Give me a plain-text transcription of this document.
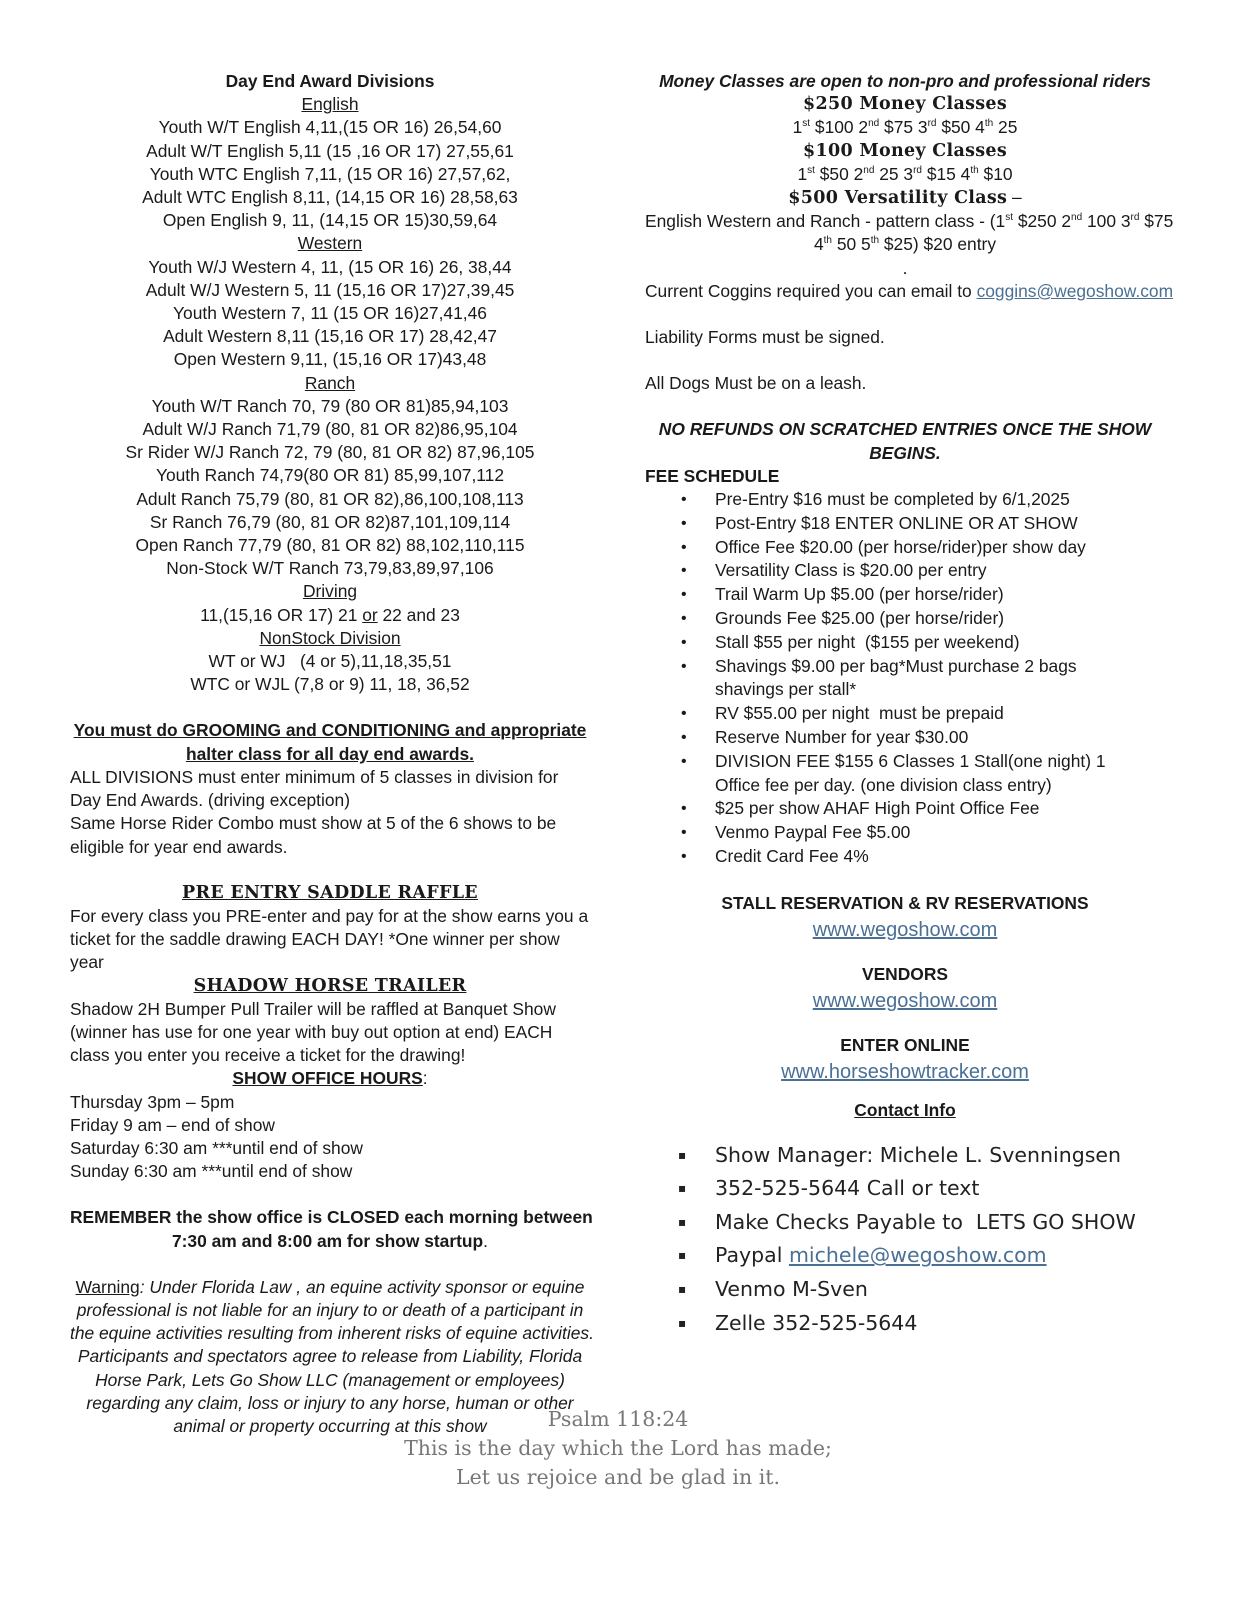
Day End Award Divisions
English
Youth W/T English 4,11,(15 OR 16) 26,54,60
Adult W/T English 5,11 (15 ,16 OR 17) 27,55,61
Youth WTC English 7,11, (15 OR 16) 27,57,62,
Adult WTC English 8,11, (14,15 OR 16) 28,58,63
Open English 9, 11, (14,15 OR 15)30,59,64
Western
Youth W/J Western 4, 11, (15 OR 16) 26, 38,44
Adult W/J Western 5, 11 (15,16 OR 17)27,39,45
Youth Western 7, 11 (15 OR 16)27,41,46
Adult Western 8,11 (15,16 OR 17) 28,42,47
Open Western 9,11, (15,16 OR 17)43,48
Ranch
Youth W/T Ranch 70, 79 (80 OR 81)85,94,103
Adult W/J Ranch 71,79 (80, 81 OR 82)86,95,104
Sr Rider W/J Ranch 72, 79 (80, 81 OR 82) 87,96,105
Youth Ranch 74,79(80 OR 81) 85,99,107,112
Adult Ranch 75,79 (80, 81 OR 82),86,100,108,113
Sr Ranch 76,79 (80, 81 OR 82)87,101,109,114
Open Ranch 77,79 (80, 81 OR 82) 88,102,110,115
Non-Stock W/T Ranch 73,79,83,89,97,106
Driving
11,(15,16 OR 17) 21 or 22 and 23
NonStock Division
WT or WJ   (4 or 5),11,18,35,51
WTC or WJL (7,8 or 9) 11, 18, 36,52
You must do GROOMING and CONDITIONING and appropriate
halter class for all day end awards.
ALL DIVISIONS must enter minimum of 5 classes in division for Day End Awards. (driving exception)
Same Horse Rider Combo must show at 5 of the 6 shows to be eligible for year end awards.
PRE ENTRY SADDLE RAFFLE
For every class you PRE-enter and pay for at the show earns you a ticket for the saddle drawing EACH DAY! *One winner per show year
SHADOW HORSE TRAILER
Shadow 2H Bumper Pull Trailer will be raffled at Banquet Show (winner has use for one year with buy out option at end) EACH class you enter you receive a ticket for the drawing!
SHOW OFFICE HOURS:
Thursday 3pm – 5pm
Friday 9 am – end of show
Saturday 6:30 am ***until end of show
Sunday 6:30 am ***until end of show
REMEMBER the show office is CLOSED each morning between
7:30 am and 8:00 am for show startup.
Warning: Under Florida Law , an equine activity sponsor or equine
professional is not liable for an injury to or death of a participant in
the equine activities resulting from inherent risks of equine activities.
Participants and spectators agree to release from Liability, Florida
Horse Park, Lets Go Show LLC (management or employees)
regarding any claim, loss or injury to any horse, human or other
animal or property occurring at this show
Money Classes are open to non-pro and professional riders
$250 Money Classes
1st $100 2nd $75 3rd $50 4th 25
$100 Money Classes
1st $50 2nd 25 3rd $15 4th $10
$500 Versatility Class –
English Western and Ranch - pattern class - (1st $250 2nd 100 3rd $75
4th 50 5th $25) $20 entry
.
Current Coggins required you can email to coggins@wegoshow.com
Liability Forms must be signed.
All Dogs Must be on a leash.
NO REFUNDS ON SCRATCHED ENTRIES ONCE THE SHOW
BEGINS.
FEE SCHEDULE
• Pre-Entry $16 must be completed by 6/1,2025
• Post-Entry $18 ENTER ONLINE OR AT SHOW
• Office Fee $20.00 (per horse/rider)per show day
• Versatility Class is $20.00 per entry
• Trail Warm Up $5.00 (per horse/rider)
• Grounds Fee $25.00 (per horse/rider)
• Stall $55 per night  ($155 per weekend)
• Shavings $9.00 per bag*Must purchase 2 bags shavings per stall*
• RV $55.00 per night  must be prepaid
• Reserve Number for year $30.00
• DIVISION FEE $155 6 Classes 1 Stall(one night) 1 Office fee per day. (one division class entry)
• $25 per show AHAF High Point Office Fee
• Venmo Paypal Fee $5.00
• Credit Card Fee 4%
STALL RESERVATION & RV RESERVATIONS
www.wegoshow.com
VENDORS
www.wegoshow.com
ENTER ONLINE
www.horseshowtracker.com
Contact Info
▪ Show Manager: Michele L. Svenningsen
▪ 352-525-5644 Call or text
▪ Make Checks Payable to  LETS GO SHOW
▪ Paypal michele@wegoshow.com
▪ Venmo M-Sven
▪ Zelle 352-525-5644
Psalm 118:24
This is the day which the Lord has made;
Let us rejoice and be glad in it.
